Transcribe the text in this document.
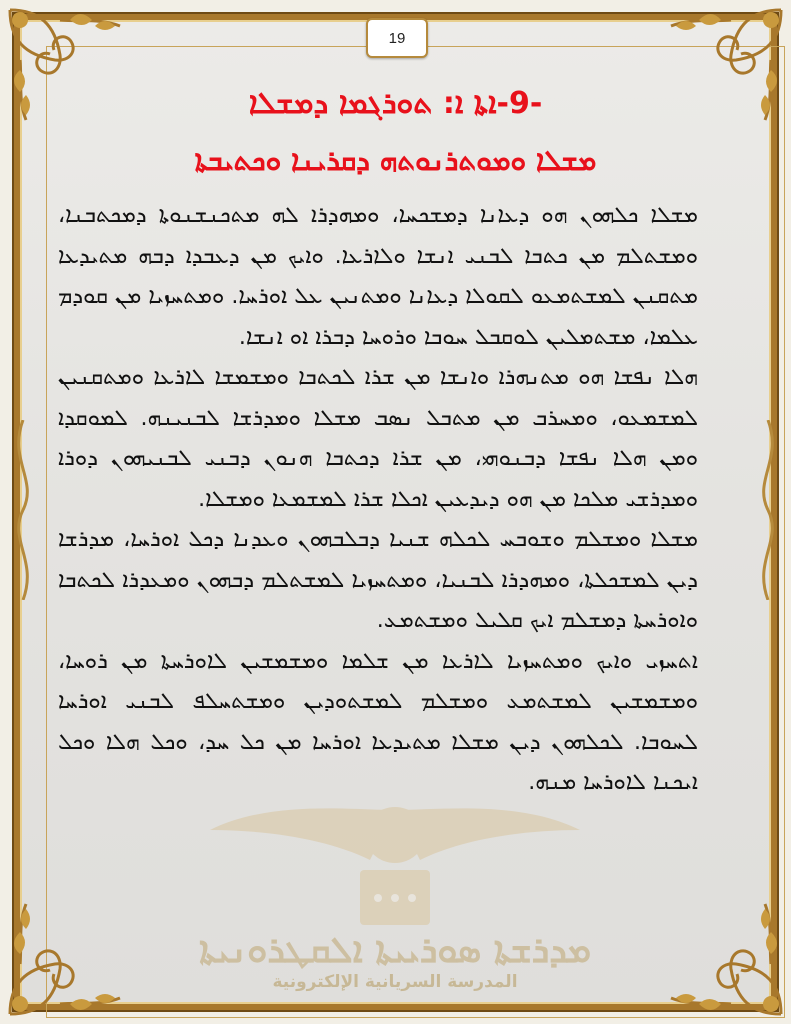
19
-9-ܐܬܐ ܐ: ܬܘܪܓܡܐ ܕܡܫܠܐ
ܡܫܠܐ ܘܡܘܬܪܢܘܬܗ ܕܩܪܝܢܐ ܘܟܬܝܒܬܐ

ܡܫܠܐ ܟܠܗܘܢ ܗܘ ܕܥܐܢܐ ܕܡܫܟܚܐ، ܘܡܗܕܪܐ ܠܗ ܡܬܟܢܫܢܘܬܐ ܕܡܟܬܒܢܐ، ܘܡܫܬܠܡ ܡܢ ܟܬܒܐ ܠܒܢܝ ܐܢܫܐ ܘܠܐܪܥܐ. ܘܐܝܟ ܡܢ ܕܥܒܕܐ ܕܒܗ ܡܬܝܕܥܐ ܡܬܩܢܢ ܠܡܫܬܡܥܘ ܠܩܘܠܐ ܕܥܐܢܐ ܘܡܬܢܝܢ ܥܠ ܐܘܪܚܐ. ܘܡܬܚܙܝܐ ܡܢ ܩܘܕܡ ܥܠܡܐ، ܡܫܬܡܠܝܢ ܠܘܩܒܠ ܚܘܒܐ ܘܪܘܚܐ ܕܒܪܐ ܐܘ ܐܢܫܐ.

ܗܠܐ ܢܦܫܐ ܗܘ ܡܬܢܗܪܐ ܘܐܢܫܐ ܡܢ ܫܪܐ ܠܟܬܒܐ ܘܡܫܡܫܐ ܠܐܪܥܐ ܘܡܬܩܢܝܢ ܠܡܫܡܥܘ، ܘܡܚܪܒ ܡܢ ܡܬܒܠ ܢܣܒ ܡܫܠܐ ܘܡܕܪܫܐ ܠܒܢܝܢܗ. ܠܡܘܩܕܐ ܘܡܢ ܗܠܐ ܢܦܫܐ ܕܒܢܘܗܝ، ܡܢ ܫܪܐ ܕܟܬܒܐ ܗܢܘܢ ܕܒܢܝ ܠܒܢܝܗܘܢ ܕܘܪܐ ܘܡܕܪܫܝ ܡܠܟܐ ܡܢ ܗܘ ܕܝܕܥܝܢ ܐܟܠܐ ܫܪܐ ܠܡܫܡܥܐ ܘܡܫܠܐ.

ܡܫܠܐ ܘܡܫܠܡ ܘܫܘܒܚ ܠܟܠܗ ܫܢܝܐ ܕܒܠܒܗܘܢ ܘܥܕܢܐ ܕܟܠ ܐܘܪܚܐ، ܡܕܪܫܐ ܕܝܢ ܠܡܫܟܠܬܐ، ܘܡܗܕܪܐ ܠܒܢܝܐ، ܘܡܬܚܙܝܐ ܠܡܫܬܠܡ ܕܒܗܘܢ ܘܡܥܕܪܐ ܠܟܬܒܐ ܘܐܘܪܚܬܐ ܕܡܫܠܡ ܐܝܟ ܩܠܝܠ ܘܡܫܬܡܥ.

ܐܬܚܙܝ ܘܐܝܟ ܘܡܬܚܙܝܐ ܠܐܪܥܐ ܡܢ ܫܠܡܐ ܘܡܫܡܫܝܢ ܠܐܘܪܚܬܐ ܡܢ ܪܘܚܐ، ܘܡܫܡܫܝܢ ܠܡܫܬܡܥ ܘܡܫܠܡ ܠܡܫܬܘܕܝܢ ܘܡܫܬܚܠܦ ܠܒܢܝ ܐܘܪܚܐ ܠܚܘܒܐ. ܠܟܠܗܘܢ ܕܝܢ ܡܫܠܐ ܡܬܝܕܥܐ ܐܘܪܚܐ ܡܢ ܟܠ ܚܕ، ܘܟܠ ܗܠܐ ܘܟܠ ܐܝܟܢܐ ܠܐܘܪܚܐ ܡܢܗ.

ܡܕܪܫܬܐ ܣܘܪܝܝܬܐ ܐܠܩܛܪܘܢܝܬܐ
المدرسة السريانية الإلكترونية
